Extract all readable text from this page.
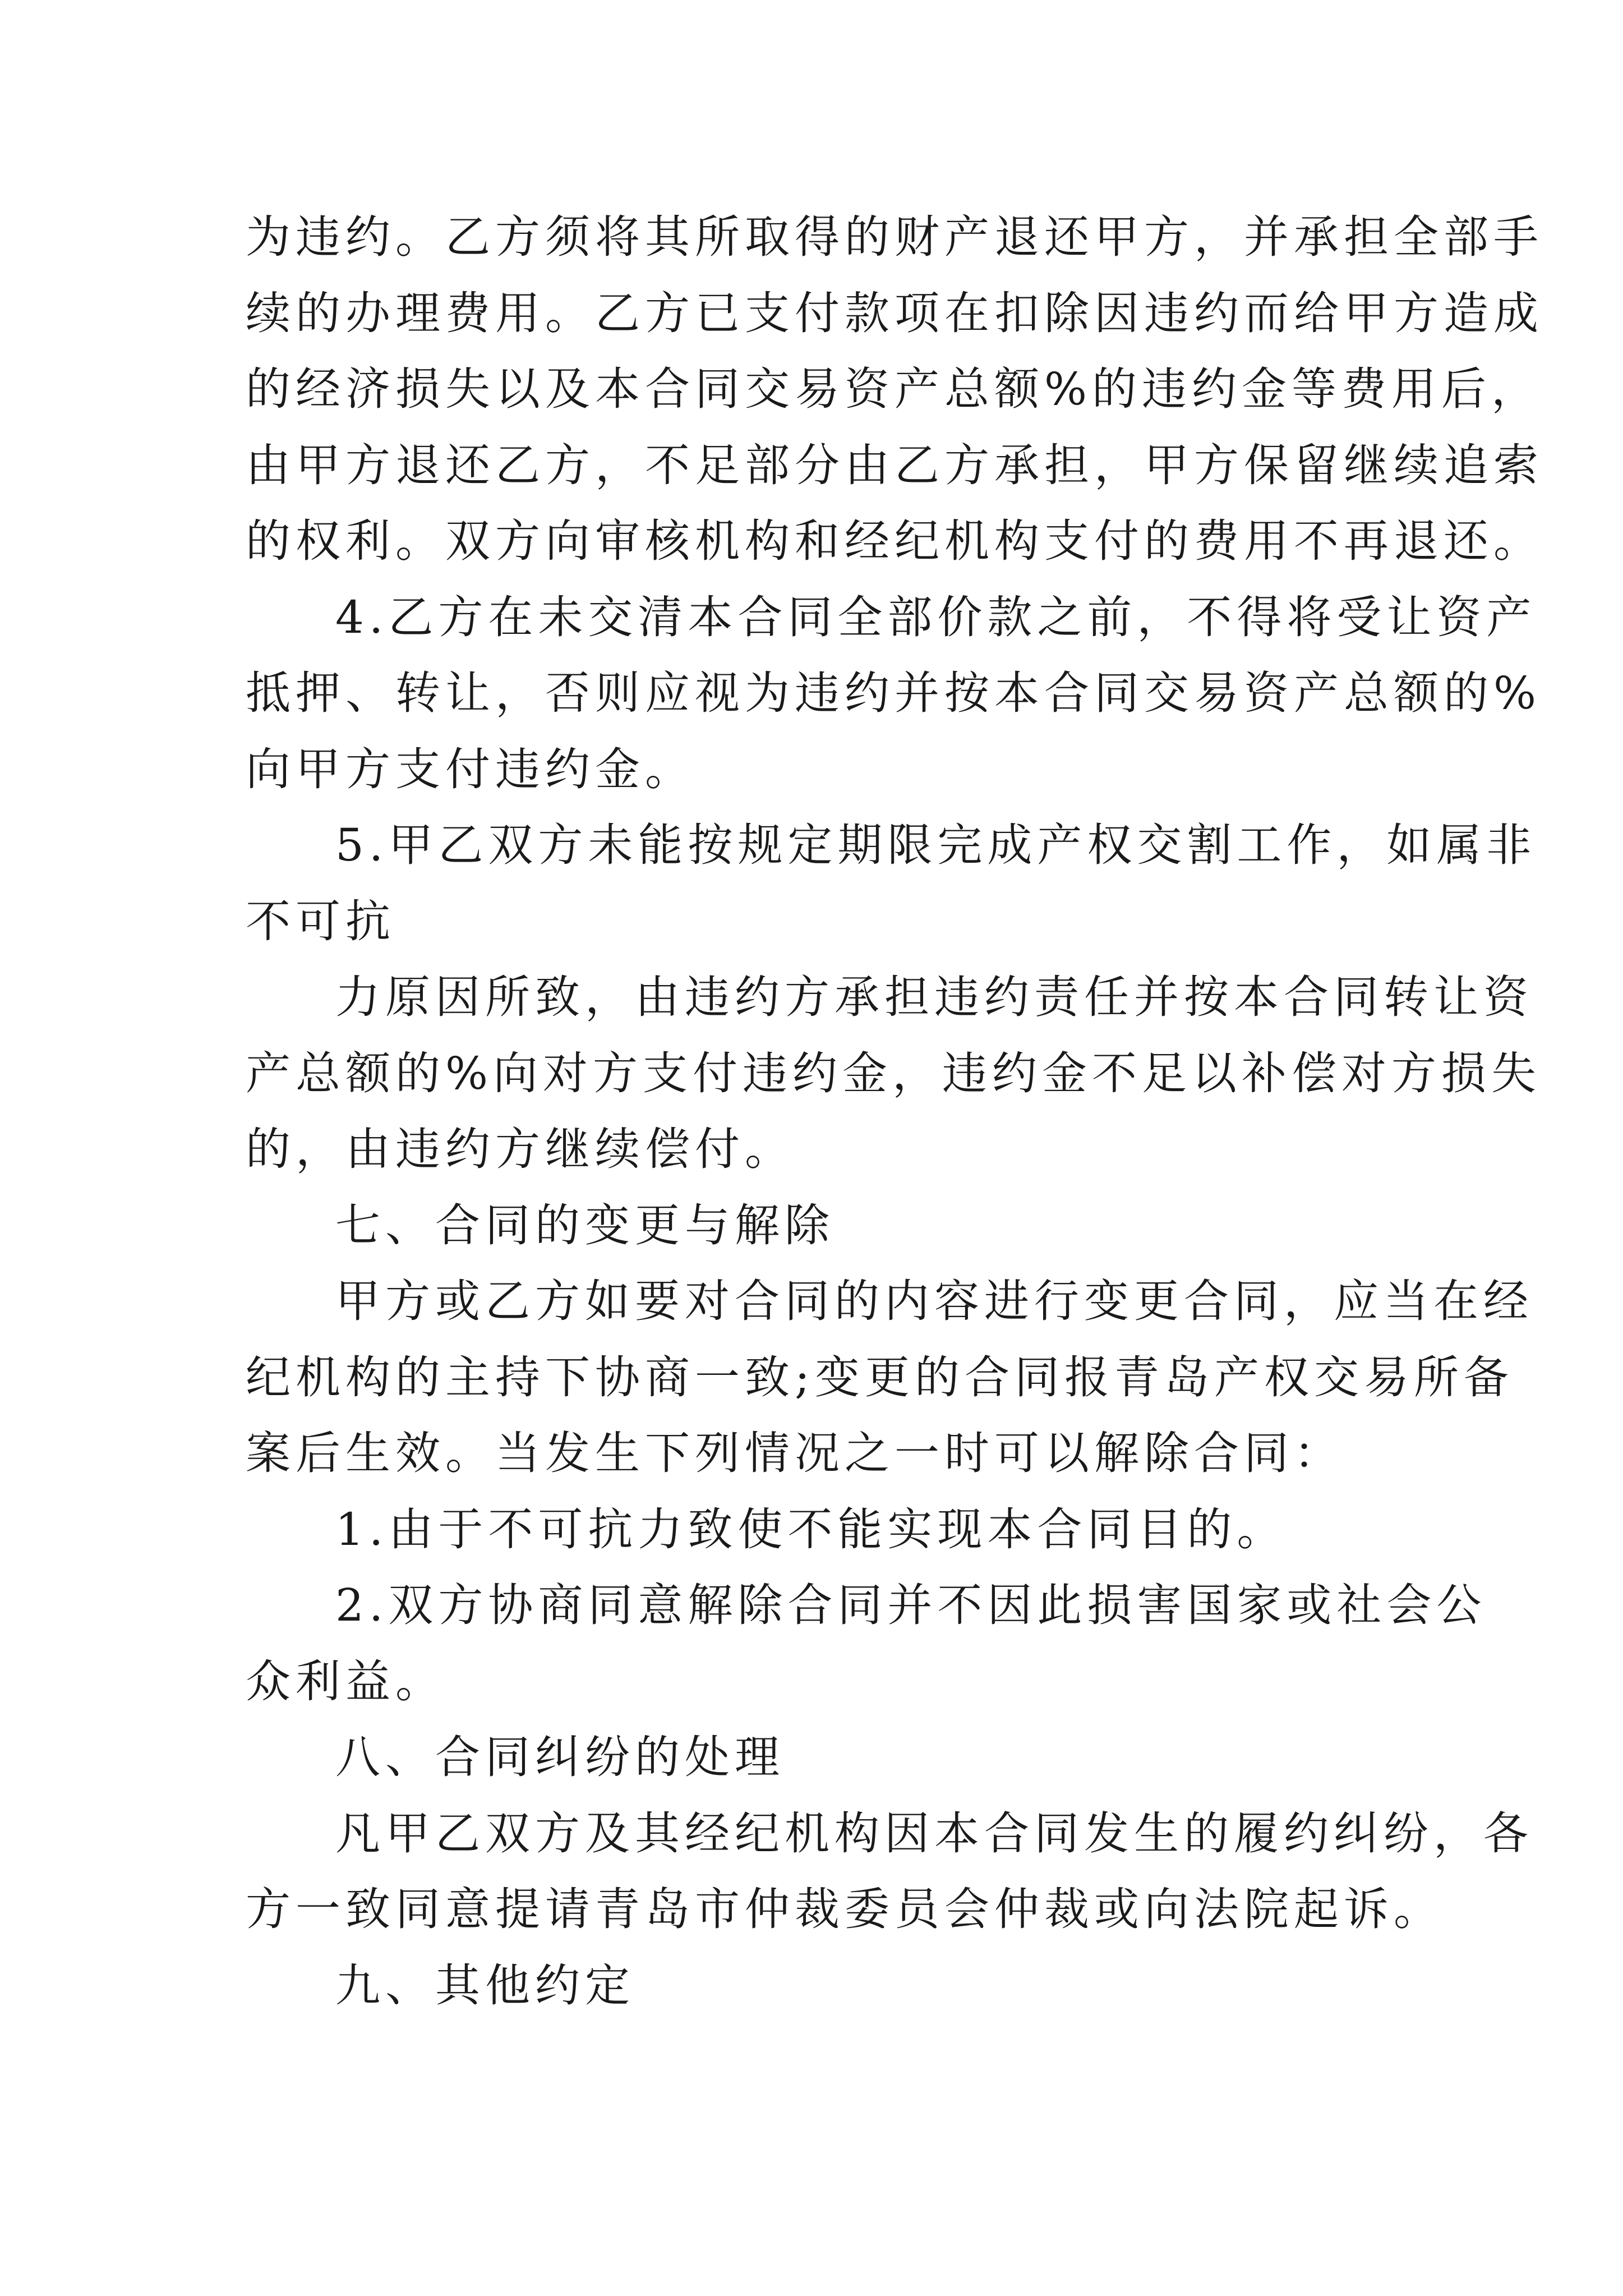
为违约。乙方须将其所取得的财产退还甲方，并承担全部手
续的办理费用。乙方已支付款项在扣除因违约而给甲方造成
的经济损失以及本合同交易资产总额%的违约金等费用后，
由甲方退还乙方，不足部分由乙方承担，甲方保留继续追索
的权利。双方向审核机构和经纪机构支付的费用不再退还。
4.乙方在未交清本合同全部价款之前，不得将受让资产
抵押、转让，否则应视为违约并按本合同交易资产总额的%
向甲方支付违约金。
5.甲乙双方未能按规定期限完成产权交割工作，如属非
不可抗
力原因所致，由违约方承担违约责任并按本合同转让资
产总额的%向对方支付违约金，违约金不足以补偿对方损失
的，由违约方继续偿付。
七、合同的变更与解除
甲方或乙方如要对合同的内容进行变更合同，应当在经
纪机构的主持下协商一致;变更的合同报青岛产权交易所备
案后生效。当发生下列情况之一时可以解除合同：
1.由于不可抗力致使不能实现本合同目的。
2.双方协商同意解除合同并不因此损害国家或社会公
众利益。
八、合同纠纷的处理
凡甲乙双方及其经纪机构因本合同发生的履约纠纷，各
方一致同意提请青岛市仲裁委员会仲裁或向法院起诉。
九、其他约定
